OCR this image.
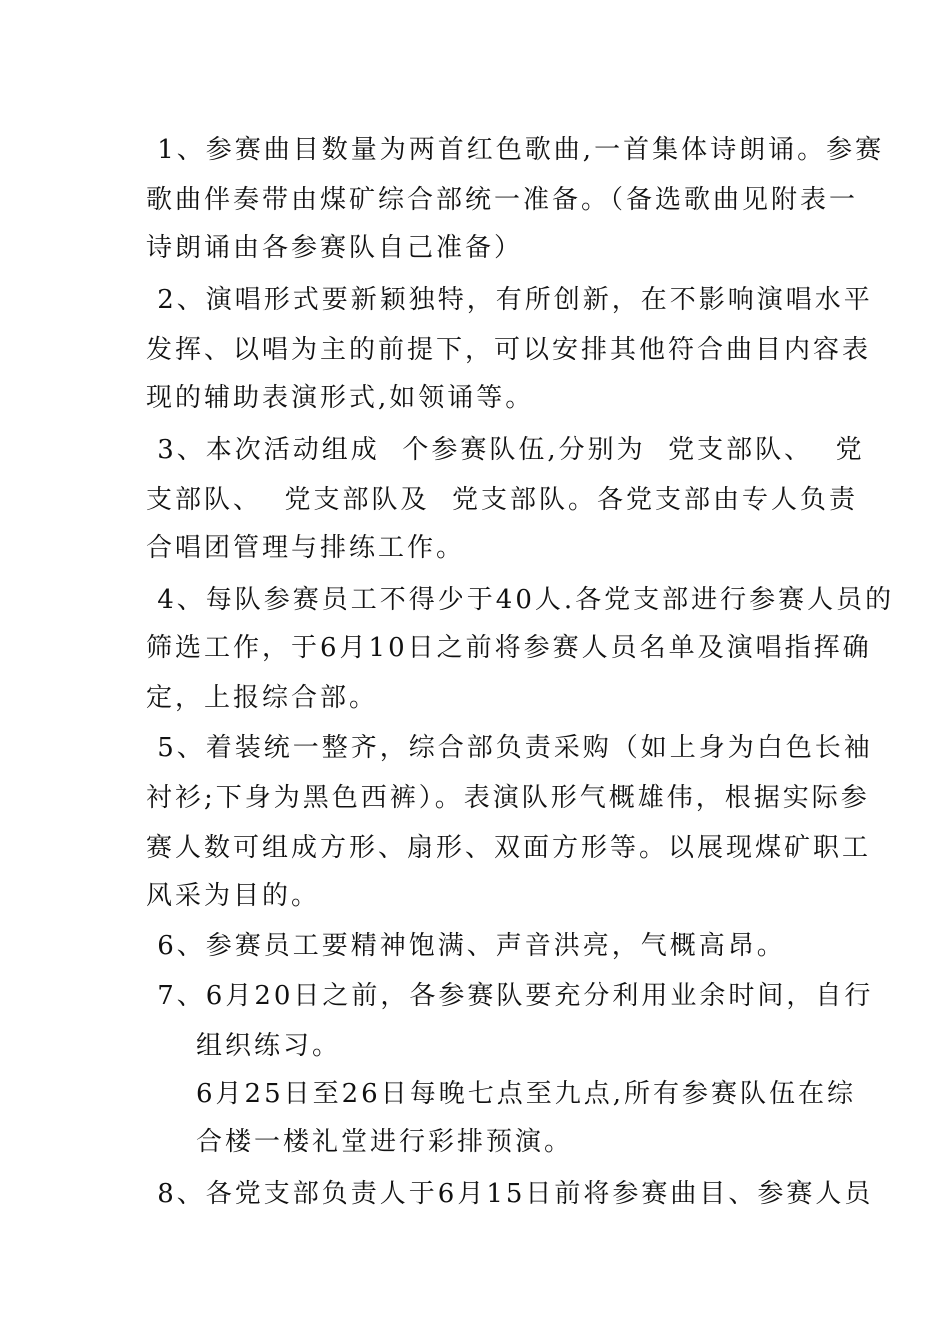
1、参赛曲目数量为两首红色歌曲,一首集体诗朗诵。参赛
歌曲伴奏带由煤矿综合部统一准备。（备选歌曲见附表一
诗朗诵由各参赛队自己准备）
2、演唱形式要新颖独特，有所创新，在不影响演唱水平
发挥、以唱为主的前提下，可以安排其他符合曲目内容表
现的辅助表演形式,如领诵等。
3、本次活动组成  个参赛队伍,分别为  党支部队、  党
支部队、  党支部队及  党支部队。各党支部由专人负责
合唱团管理与排练工作。
4、每队参赛员工不得少于40人.各党支部进行参赛人员的
筛选工作，于6月10日之前将参赛人员名单及演唱指挥确
定，上报综合部。
5、着装统一整齐，综合部负责采购（如上身为白色长袖
衬衫;下身为黑色西裤）。表演队形气概雄伟，根据实际参
赛人数可组成方形、扇形、双面方形等。以展现煤矿职工
风采为目的。
6、参赛员工要精神饱满、声音洪亮，气概高昂。
7、6月20日之前，各参赛队要充分利用业余时间，自行
组织练习。
6月25日至26日每晚七点至九点,所有参赛队伍在综
合楼一楼礼堂进行彩排预演。
8、各党支部负责人于6月15日前将参赛曲目、参赛人员
